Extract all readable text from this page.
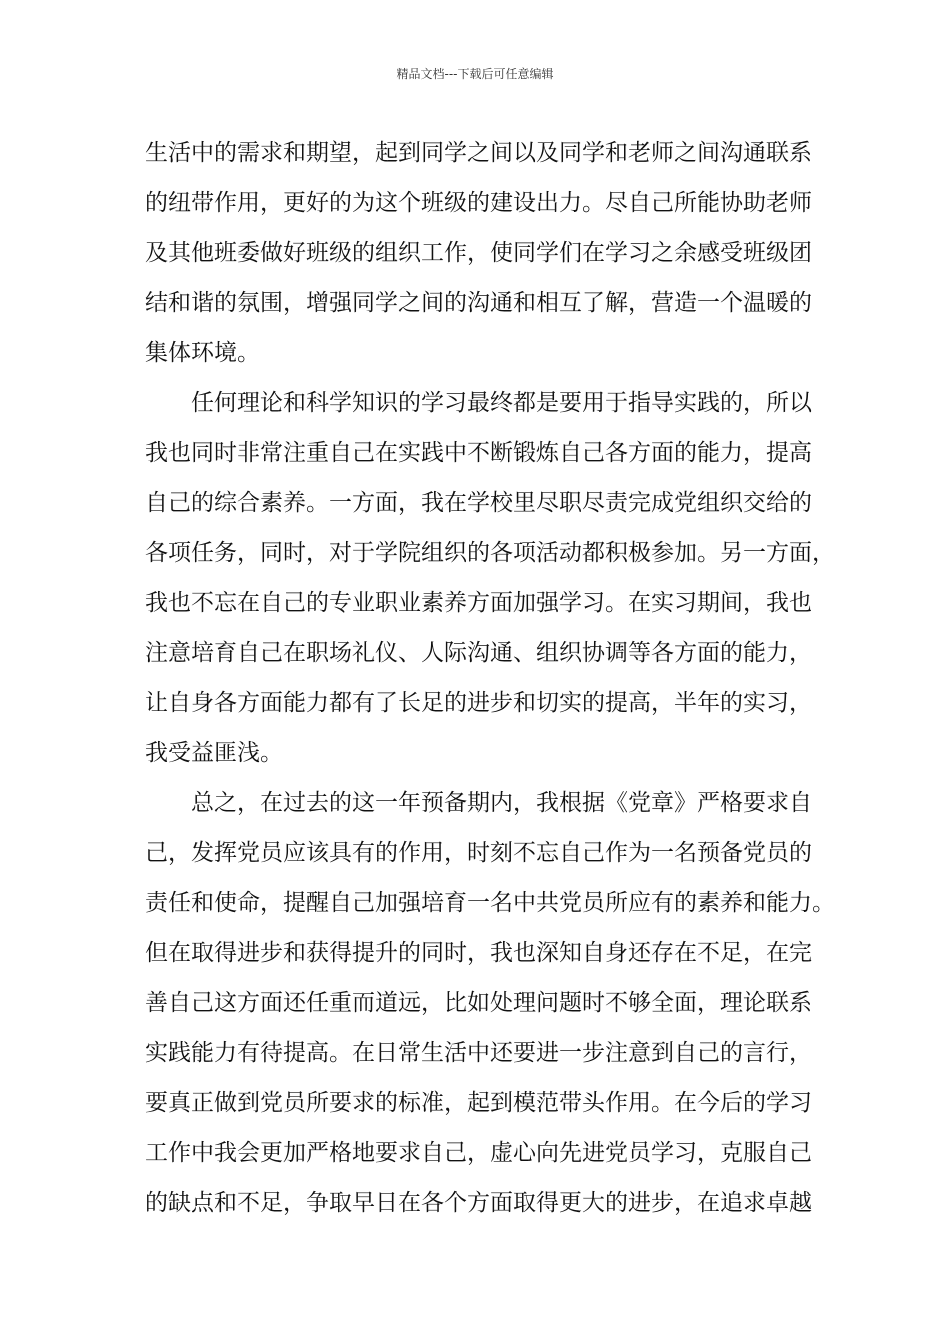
精品文档---下载后可任意编辑
生活中的需求和期望，起到同学之间以及同学和老师之间沟通联系
的纽带作用，更好的为这个班级的建设出力。尽自己所能协助老师
及其他班委做好班级的组织工作，使同学们在学习之余感受班级团
结和谐的氛围，增强同学之间的沟通和相互了解，营造一个温暖的
集体环境。
　　任何理论和科学知识的学习最终都是要用于指导实践的，所以
我也同时非常注重自己在实践中不断锻炼自己各方面的能力，提高
自己的综合素养。一方面，我在学校里尽职尽责完成党组织交给的
各项任务，同时，对于学院组织的各项活动都积极参加。另一方面，
我也不忘在自己的专业职业素养方面加强学习。在实习期间，我也
注意培育自己在职场礼仪、人际沟通、组织协调等各方面的能力，
让自身各方面能力都有了长足的进步和切实的提高，半年的实习，
我受益匪浅。
　　总之，在过去的这一年预备期内，我根据《党章》严格要求自
己，发挥党员应该具有的作用，时刻不忘自己作为一名预备党员的
责任和使命，提醒自己加强培育一名中共党员所应有的素养和能力。
但在取得进步和获得提升的同时，我也深知自身还存在不足，在完
善自己这方面还任重而道远，比如处理问题时不够全面，理论联系
实践能力有待提高。在日常生活中还要进一步注意到自己的言行，
要真正做到党员所要求的标准，起到模范带头作用。在今后的学习
工作中我会更加严格地要求自己，虚心向先进党员学习，克服自己
的缺点和不足，争取早日在各个方面取得更大的进步，在追求卓越
